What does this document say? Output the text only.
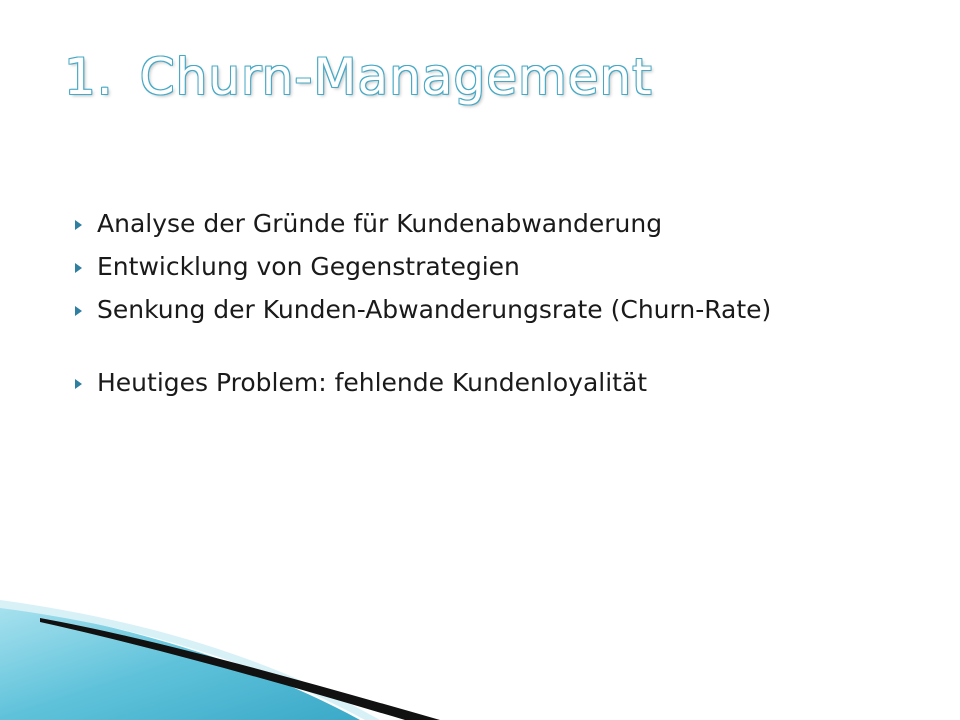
1. Churn-Management
Analyse der Gründe für Kundenabwanderung
Entwicklung von Gegenstrategien
Senkung der Kunden-Abwanderungsrate (Churn-Rate)
Heutiges Problem: fehlende Kundenloyalität
